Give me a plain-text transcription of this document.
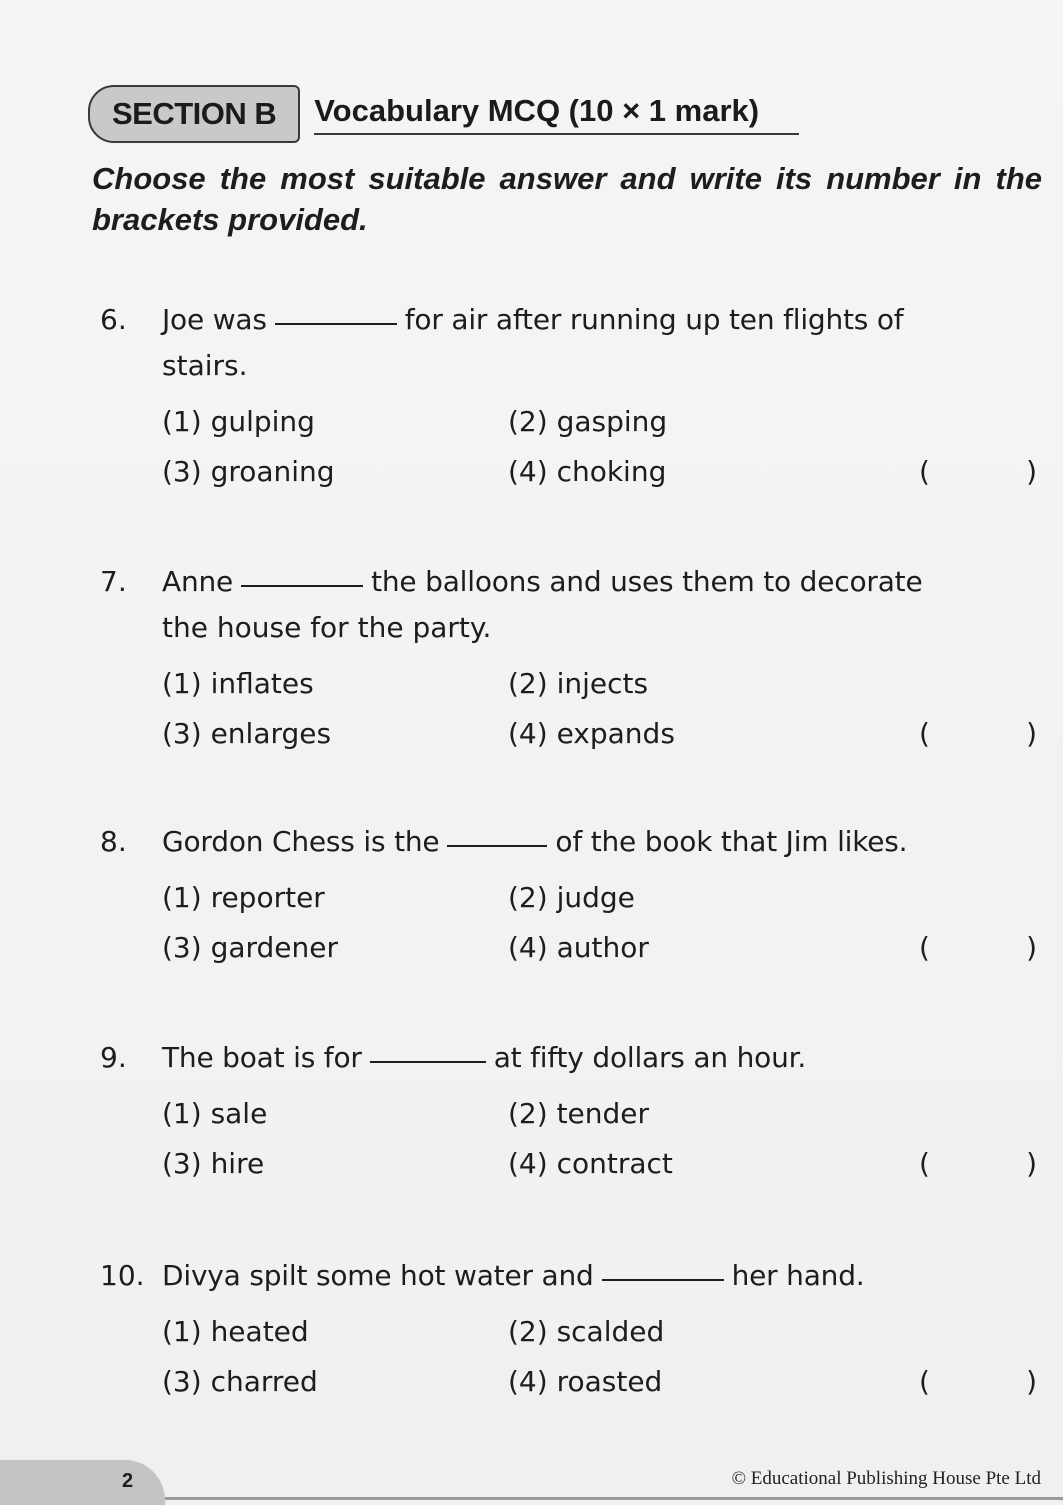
SECTION B	Vocabulary MCQ (10 × 1 mark)
Choose the most suitable answer and write its number in the brackets provided.
6.	Joe was	for air after running up ten flights of
stairs.
(1) gulping	(2) gasping
(3) groaning	(4) choking	(	)
7.	Anne	the balloons and uses them to decorate
the house for the party.
(1) inflates	(2) injects
(3) enlarges	(4) expands	(	)
8.	Gordon Chess is the	of the book that Jim likes.
(1) reporter	(2) judge
(3) gardener	(4) author	(	)
9.	The boat is for	at fifty dollars an hour.
(1) sale	(2) tender
(3) hire	(4) contract	(	)
10. Divya spilt some hot water and	her hand.
(1) heated	(2) scalded
(3) charred	(4) roasted	(	)
2	© Educational Publishing House Pte Ltd
